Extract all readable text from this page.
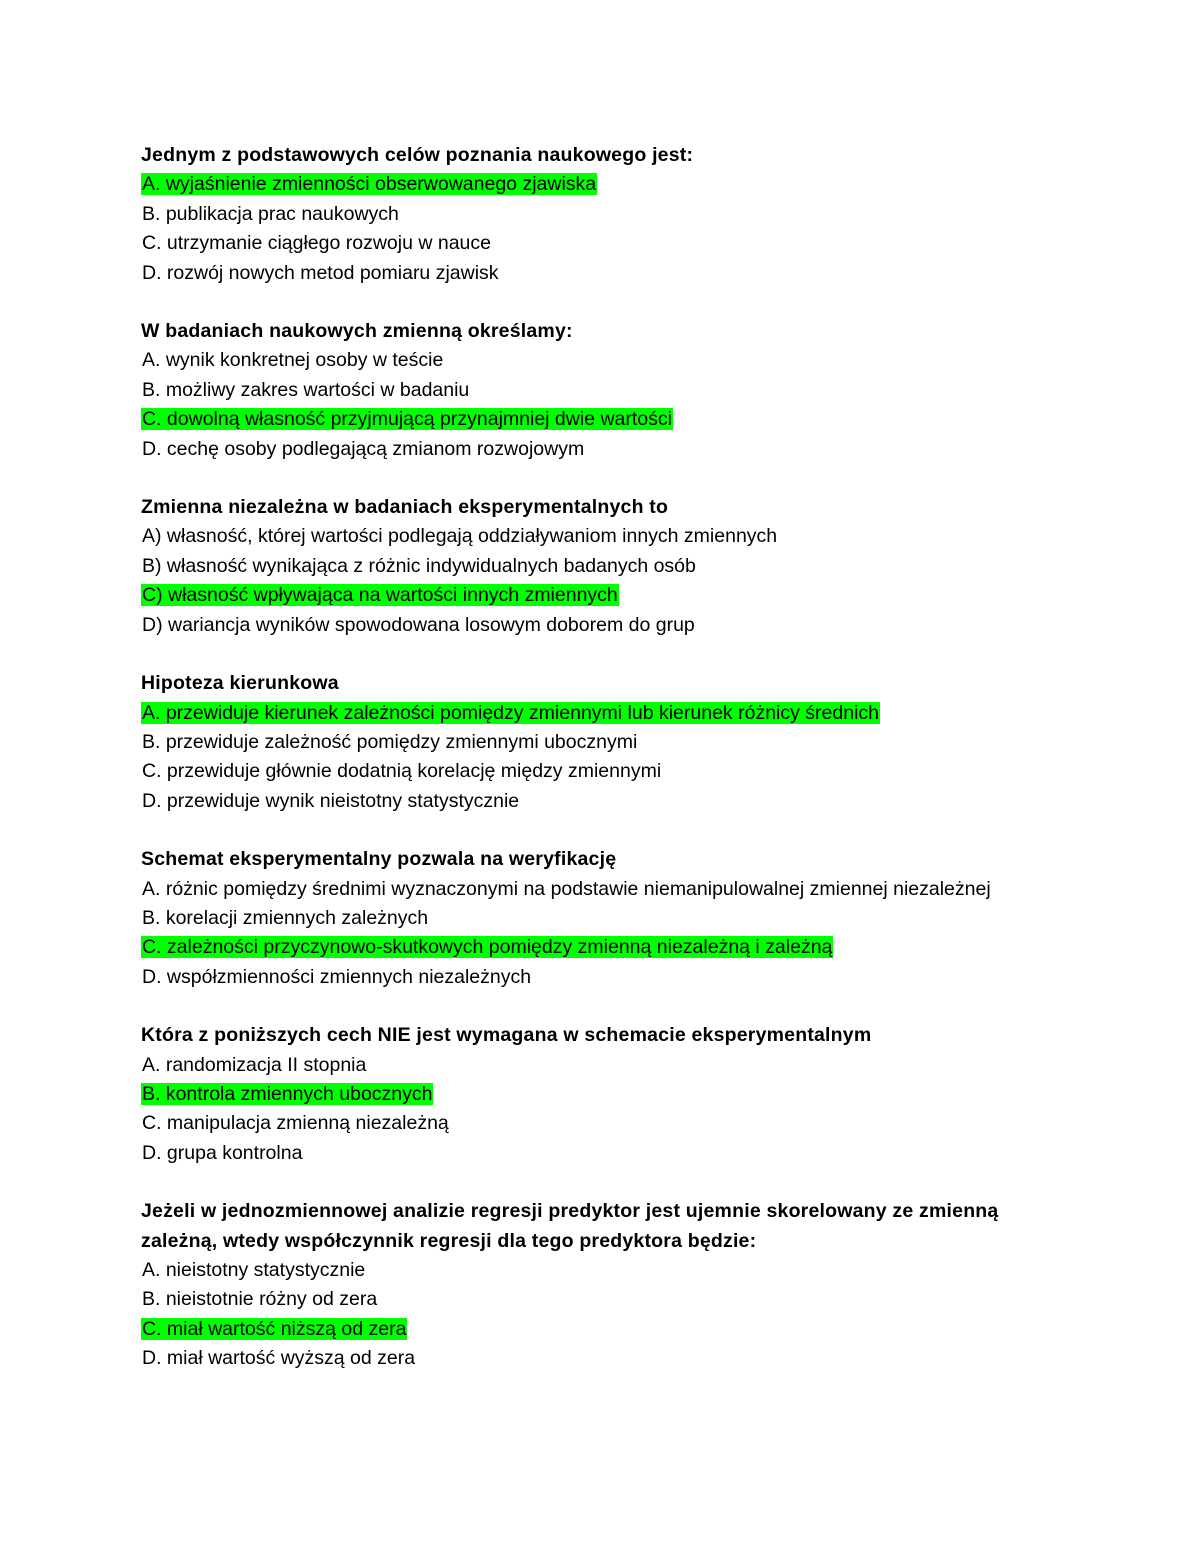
Jednym z podstawowych celów poznania naukowego jest:
A. wyjaśnienie zmienności obserwowanego zjawiska
B. publikacja prac naukowych
C. utrzymanie ciągłego rozwoju w nauce
D. rozwój nowych metod pomiaru zjawisk
W badaniach naukowych zmienną określamy:
A. wynik konkretnej osoby w teście
B. możliwy zakres wartości w badaniu
C. dowolną własność przyjmującą przynajmniej dwie wartości
D. cechę osoby podlegającą zmianom rozwojowym
Zmienna niezależna w badaniach eksperymentalnych to
A) własność, której wartości podlegają oddziaływaniom innych zmiennych
B) własność wynikająca z różnic indywidualnych badanych osób
C) własność wpływająca na wartości innych zmiennych
D) wariancja wyników spowodowana losowym doborem do grup
Hipoteza kierunkowa
A. przewiduje kierunek zależności pomiędzy zmiennymi lub kierunek różnicy średnich
B. przewiduje zależność pomiędzy zmiennymi ubocznymi
C. przewiduje głównie dodatnią korelację między zmiennymi
D. przewiduje wynik nieistotny statystycznie
Schemat eksperymentalny pozwala na weryfikację
A. różnic pomiędzy średnimi wyznaczonymi na podstawie niemanipulowalnej zmiennej niezależnej
B. korelacji zmiennych zależnych
C. zależności przyczynowo-skutkowych pomiędzy zmienną niezależną i zależną
D. współzmienności zmiennych niezależnych
Która z poniższych cech NIE jest wymagana w schemacie eksperymentalnym
A. randomizacja II stopnia
B. kontrola zmiennych ubocznych
C. manipulacja zmienną niezależną
D. grupa kontrolna
Jeżeli w jednozmiennowej analizie regresji predyktor jest ujemnie skorelowany ze zmienną zależną, wtedy współczynnik regresji dla tego predyktora będzie:
A. nieistotny statystycznie
B. nieistotnie różny od zera
C. miał wartość niższą od zera
D. miał wartość wyższą od zera
